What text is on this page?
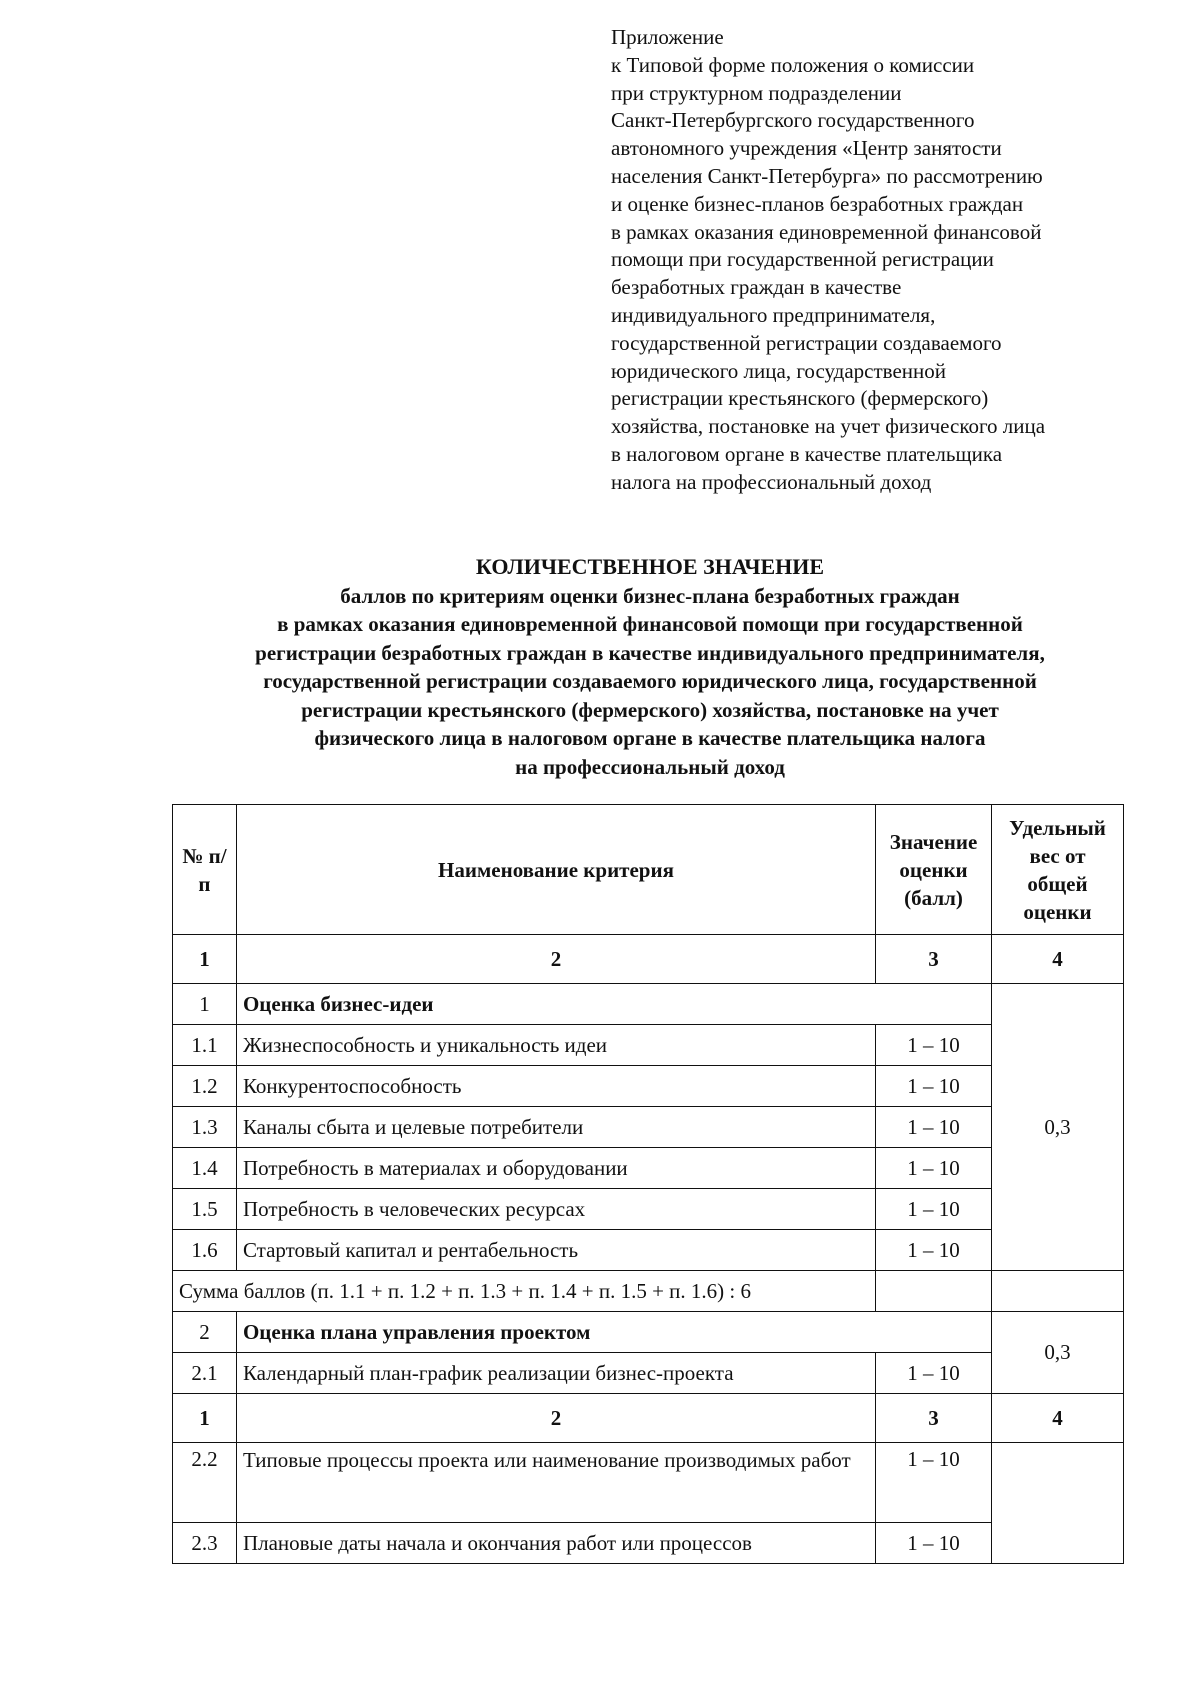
Приложение
к Типовой форме положения о комиссии
при структурном подразделении
Санкт-Петербургского государственного
автономного учреждения «Центр занятости
населения Санкт-Петербурга» по рассмотрению
и оценке бизнес-планов безработных граждан
в рамках оказания единовременной финансовой
помощи при государственной регистрации
безработных граждан в качестве
индивидуального предпринимателя,
государственной регистрации создаваемого
юридического лица, государственной
регистрации крестьянского (фермерского)
хозяйства, постановке на учет физического лица
в налоговом органе в качестве плательщика
налога на профессиональный доход
КОЛИЧЕСТВЕННОЕ ЗНАЧЕНИЕ
баллов по критериям оценки бизнес-плана безработных граждан
в рамках оказания единовременной финансовой помощи при государственной
регистрации безработных граждан в качестве индивидуального предпринимателя,
государственной регистрации создаваемого юридического лица, государственной
регистрации крестьянского (фермерского) хозяйства, постановке на учет
физического лица в налоговом органе в качестве плательщика налога
на профессиональный доход
№ п/п	Наименование критерия	Значение оценки (балл)	Удельный вес от общей оценки
1	2	3	4
1	Оценка бизнес-идеи		0,3
1.1	Жизнеспособность и уникальность идеи	1 – 10	
1.2	Конкурентоспособность	1 – 10	
1.3	Каналы сбыта и целевые потребители	1 – 10	
1.4	Потребность в материалах и оборудовании	1 – 10	
1.5	Потребность в человеческих ресурсах	1 – 10	
1.6	Стартовый капитал и рентабельность	1 – 10	
Сумма баллов (п. 1.1 + п. 1.2 + п. 1.3 + п. 1.4 + п. 1.5 + п. 1.6) : 6			
2	Оценка плана управления проектом		0,3
2.1	Календарный план-график реализации бизнес-проекта	1 – 10	
1	2	3	4
2.2	Типовые процессы проекта или наименование производимых работ	1 – 10	
2.3	Плановые даты начала и окончания работ или процессов	1 – 10	
